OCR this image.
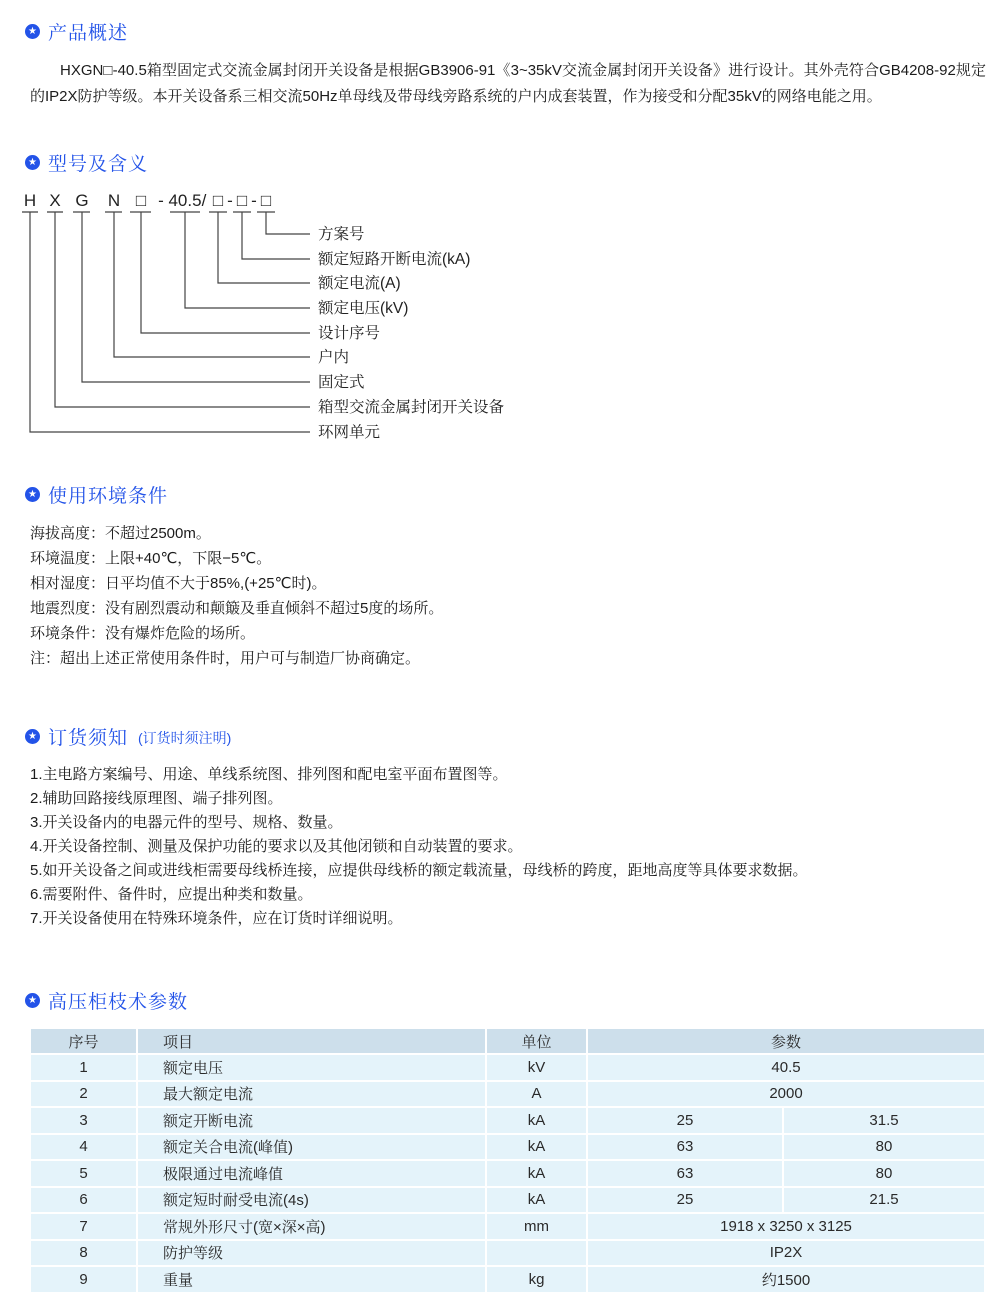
★ 产品概述

HXGN□-40.5箱型固定式交流金属封闭开关设备是根据GB3906-91《3~35kV交流金属封闭开关设备》进行设计。其外壳符合GB4208-92规定的IP2X防护等级。本开关设备系三相交流50Hz单母线及带母线旁路系统的户内成套装置，作为接受和分配35kV的网络电能之用。

★ 型号及含义
H X G N □ - 40.5 / □ - □ - □
方案号
额定短路开断电流(kA)
额定电流(A)
额定电压(kV)
设计序号
户内
固定式
箱型交流金属封闭开关设备
环网单元
★ 使用环境条件
海拔高度：不超过2500m。
环境温度：上限+40℃，下限−5℃。
相对湿度：日平均值不大于85%,(+25℃时)。
地震烈度：没有剧烈震动和颠簸及垂直倾斜不超过5度的场所。
环境条件：没有爆炸危险的场所。
注：超出上述正常使用条件时，用户可与制造厂协商确定。
★ 订货须知 (订货时须注明)
1.主电路方案编号、用途、单线系统图、排列图和配电室平面布置图等。
2.辅助回路接线原理图、端子排列图。
3.开关设备内的电器元件的型号、规格、数量。
4.开关设备控制、测量及保护功能的要求以及其他闭锁和自动装置的要求。
5.如开关设备之间或进线柜需要母线桥连接，应提供母线桥的额定载流量，母线桥的跨度，距地高度等具体要求数据。
6.需要附件、备件时，应提出种类和数量。
7.开关设备使用在特殊环境条件，应在订货时详细说明。
★ 高压柜枝术参数
序号	项目	单位	参数	
1	额定电压	kV	40.5	
2	最大额定电流	A	2000	
3	额定开断电流	kA	25	31.5
4	额定关合电流(峰值)	kA	63	80
5	极限通过电流峰值	kA	63	80
6	额定短时耐受电流(4s)	kA	25	21.5
7	常规外形尺寸(宽×深×高)	mm	1918 x 3250 x 3125	
8	防护等级		IP2X	
9	重量	kg	约1500	
